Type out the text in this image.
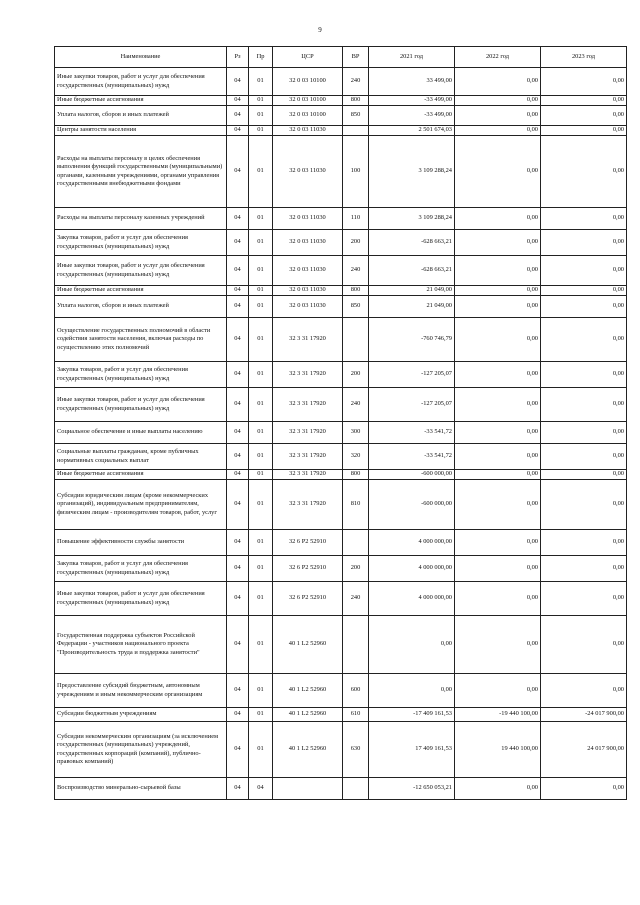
9
Наименование	Рз	Пр	ЦСР	ВР	2021 год	2022 год	2023 год
Иные закупки товаров, работ и услуг для обеспечения государственных (муниципальных) нужд	04	01	32 0 03 10100	240	33 499,00	0,00	0,00
Иные бюджетные ассигнования	04	01	32 0 03 10100	800	-33 499,00	0,00	0,00
Уплата налогов, сборов и иных платежей	04	01	32 0 03 10100	850	-33 499,00	0,00	0,00
Центры занятости населения	04	01	32 0 03 11030		2 501 674,03	0,00	0,00
Расходы на выплаты персоналу в целях обеспечения выполнения функций государственными (муниципальными) органами, казенными учреждениями, органами управления государственными внебюджетными фондами	04	01	32 0 03 11030	100	3 109 288,24	0,00	0,00
Расходы на выплаты персоналу казенных учреждений	04	01	32 0 03 11030	110	3 109 288,24	0,00	0,00
Закупка товаров, работ и услуг для обеспечения государственных (муниципальных) нужд	04	01	32 0 03 11030	200	-628 663,21	0,00	0,00
Иные закупки товаров, работ и услуг для обеспечения государственных (муниципальных) нужд	04	01	32 0 03 11030	240	-628 663,21	0,00	0,00
Иные бюджетные ассигнования	04	01	32 0 03 11030	800	21 049,00	0,00	0,00
Уплата налогов, сборов и иных платежей	04	01	32 0 03 11030	850	21 049,00	0,00	0,00
Осуществление государственных полномочий в области содействия занятости населения, включая расходы по осуществлению этих полномочий	04	01	32 3 31 17920		-760 746,79	0,00	0,00
Закупка товаров, работ и услуг для обеспечения государственных (муниципальных) нужд	04	01	32 3 31 17920	200	-127 205,07	0,00	0,00
Иные закупки товаров, работ и услуг для обеспечения государственных (муниципальных) нужд	04	01	32 3 31 17920	240	-127 205,07	0,00	0,00
Социальное обеспечение и иные выплаты населению	04	01	32 3 31 17920	300	-33 541,72	0,00	0,00
Социальные выплаты гражданам, кроме публичных нормативных социальных выплат	04	01	32 3 31 17920	320	-33 541,72	0,00	0,00
Иные бюджетные ассигнования	04	01	32 3 31 17920	800	-600 000,00	0,00	0,00
Субсидии юридическим лицам (кроме некоммерческих организаций), индивидуальным предпринимателям, физическим лицам - производителям товаров, работ, услуг	04	01	32 3 31 17920	810	-600 000,00	0,00	0,00
Повышение эффективности службы занятости	04	01	32 6 P2 52910		4 000 000,00	0,00	0,00
Закупка товаров, работ и услуг для обеспечения государственных (муниципальных) нужд	04	01	32 6 P2 52910	200	4 000 000,00	0,00	0,00
Иные закупки товаров, работ и услуг для обеспечения государственных (муниципальных) нужд	04	01	32 6 P2 52910	240	4 000 000,00	0,00	0,00
Государственная поддержка субъектов Российской Федерации - участников национального проекта "Производительность труда и поддержка занятости"	04	01	40 1 L2 52960		0,00	0,00	0,00
Предоставление субсидий бюджетным, автономным учреждениям и иным некоммерческим организациям	04	01	40 1 L2 52960	600	0,00	0,00	0,00
Субсидии бюджетным учреждениям	04	01	40 1 L2 52960	610	-17 409 161,53	-19 440 100,00	-24 017 900,00
Субсидии некоммерческим организациям (за исключением государственных (муниципальных) учреждений, государственных корпораций (компаний), публично-правовых компаний)	04	01	40 1 L2 52960	630	17 409 161,53	19 440 100,00	24 017 900,00
Воспроизводство минерально-сырьевой базы	04	04			-12 650 053,21	0,00	0,00
